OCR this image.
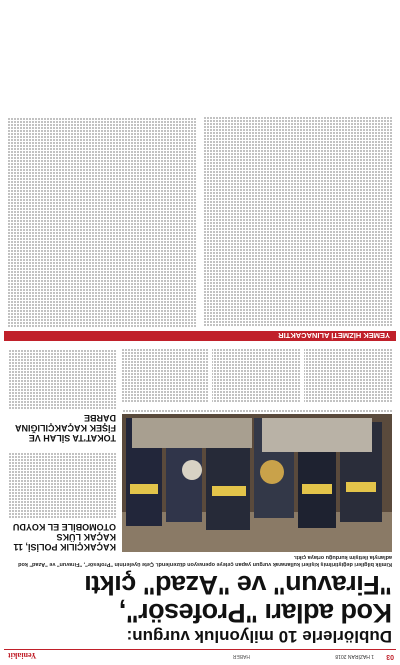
03
1 HAZİRAN 2018
HABER
Yeniakit
Dublörlerle 10 milyonluk vurgun:
Kod adları "Profesör",
"Firavun" ve "Azad" çıktı
Kimlik bilgileri değiştirilmiş kişileri kullanarak vurgun yapan çeteye operasyon düzenlendi. Çete üyelerinin "Profesör", "Firavun" ve "Azad" kod adlarıyla iletişim kurduğu ortaya çıktı.
KAÇAKÇILIK POLİSİ, 11 KAÇAK LÜKS OTOMOBİLE EL KOYDU
TOKAT'TA SİLAH VE FİŞEK KAÇAKÇILIĞINA DARBE
YEMEK HİZMETİ ALINACAKTIR
